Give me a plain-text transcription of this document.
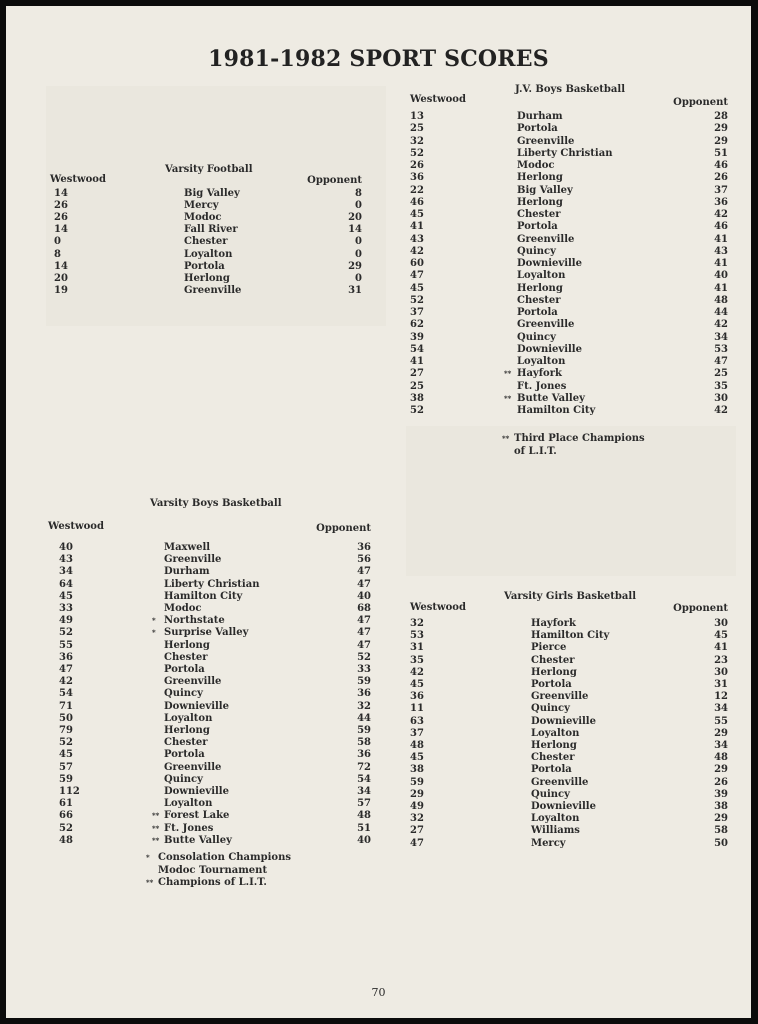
1981-1982 SPORT SCORES
Varsity Football
Westwood	Opponent
14	Big Valley	8
26	Mercy	0
26	Modoc	20
14	Fall River	14
0	Chester	0
8	Loyalton	0
14	Portola	29
20	Herlong	0
19	Greenville	31
J.V. Boys Basketball
Westwood	Opponent
13	Durham	28
25	Portola	29
32	Greenville	29
52	Liberty Christian	51
26	Modoc	46
36	Herlong	26
22	Big Valley	37
46	Herlong	36
45	Chester	42
41	Portola	46
43	Greenville	41
42	Quincy	43
60	Downieville	41
47	Loyalton	40
45	Herlong	41
52	Chester	48
37	Portola	44
62	Greenville	42
39	Quincy	34
54	Downieville	53
41	Loyalton	47
27	** Hayfork	25
25	Ft. Jones	35
38	** Butte Valley	30
52	Hamilton City	42
** Third Place Champions
of L.I.T.
Varsity Boys Basketball
Westwood	Opponent
40	Maxwell	36
43	Greenville	56
34	Durham	47
64	Liberty Christian	47
45	Hamilton City	40
33	Modoc	68
49	* Northstate	47
52	* Surprise Valley	47
55	Herlong	47
36	Chester	52
47	Portola	33
42	Greenville	59
54	Quincy	36
71	Downieville	32
50	Loyalton	44
79	Herlong	59
52	Chester	58
45	Portola	36
57	Greenville	72
59	Quincy	54
112	Downieville	34
61	Loyalton	57
66	** Forest Lake	48
52	** Ft. Jones	51
48	** Butte Valley	40
* Consolation Champions
Modoc Tournament
** Champions of L.I.T.
Varsity Girls Basketball
Westwood	Opponent
32	Hayfork	30
53	Hamilton City	45
31	Pierce	41
35	Chester	23
42	Herlong	30
45	Portola	31
36	Greenville	12
11	Quincy	34
63	Downieville	55
37	Loyalton	29
48	Herlong	34
45	Chester	48
38	Portola	29
59	Greenville	26
29	Quincy	39
49	Downieville	38
32	Loyalton	29
27	Williams	58
47	Mercy	50
70
